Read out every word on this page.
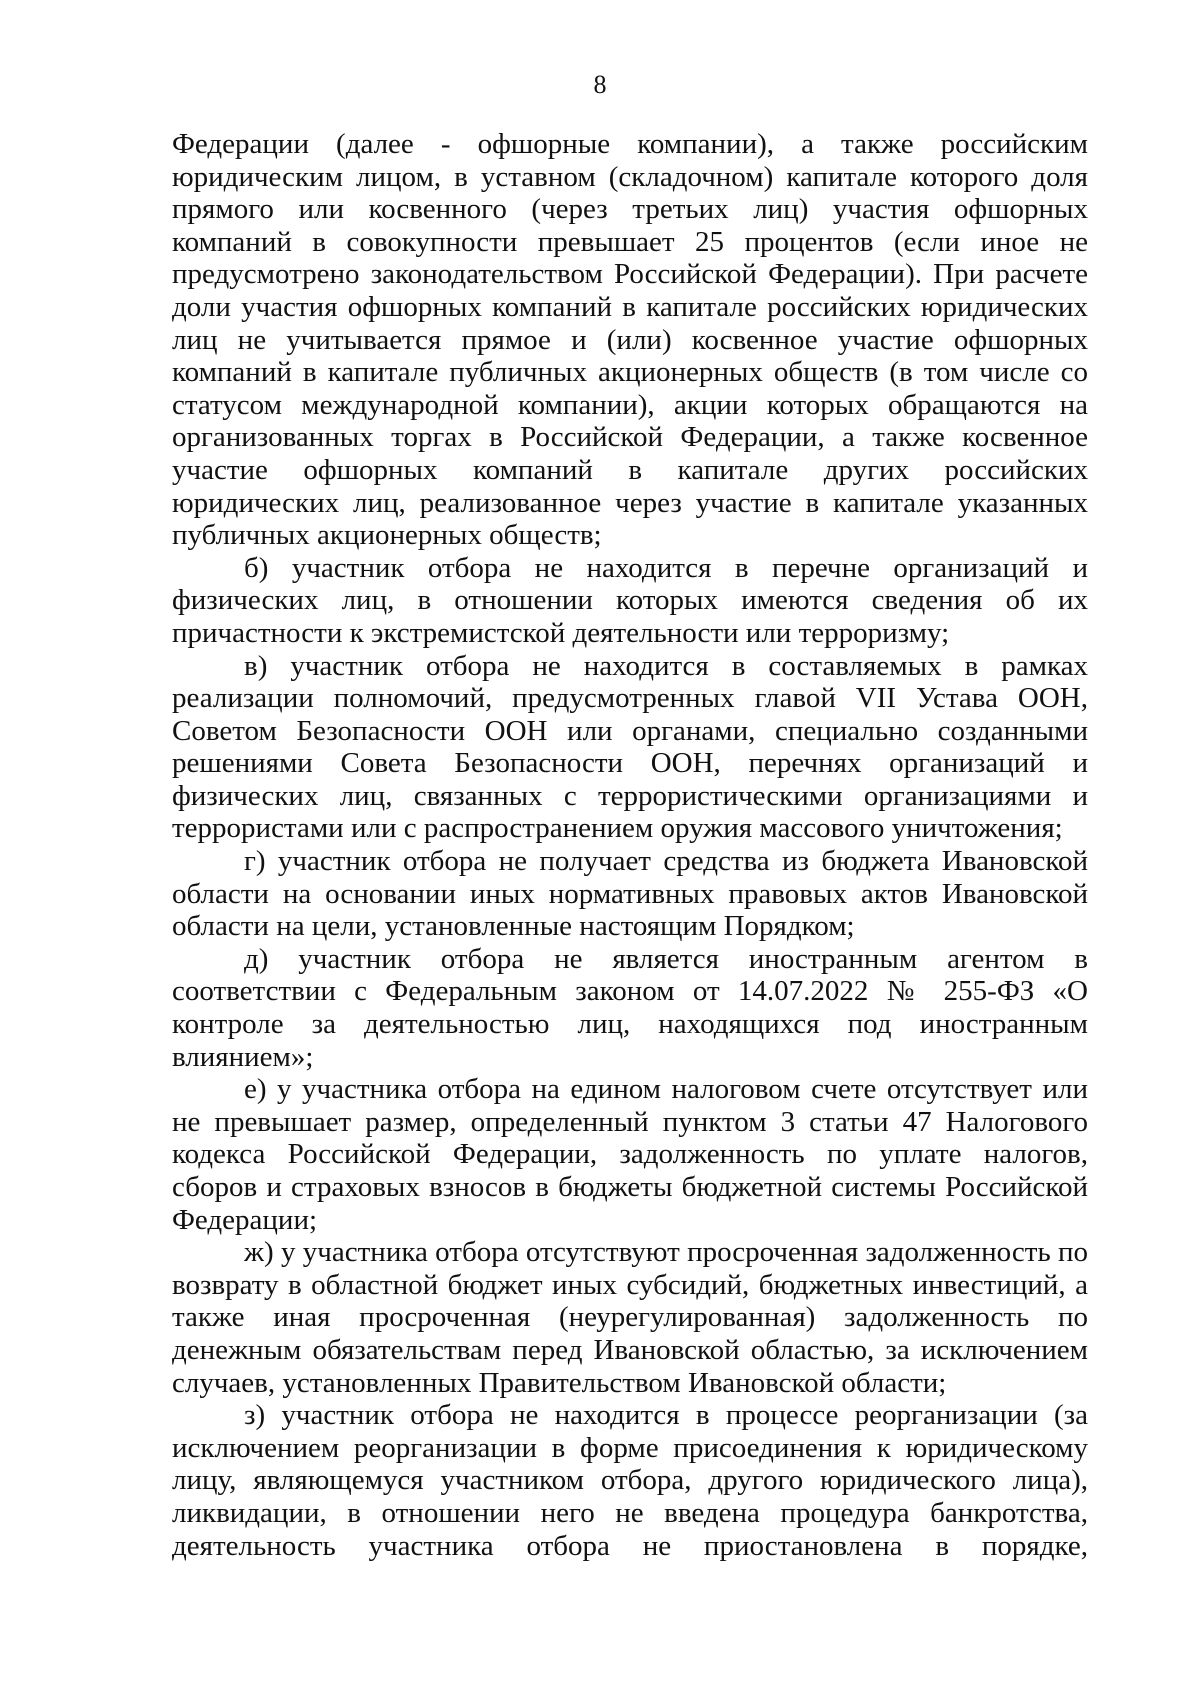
8

Федерации (далее - офшорные компании), а также российским юридическим лицом, в уставном (складочном) капитале которого доля прямого или косвенного (через третьих лиц) участия офшорных компаний в совокупности превышает 25 процентов (если иное не предусмотрено законодательством Российской Федерации). При расчете доли участия офшорных компаний в капитале российских юридических лиц не учитывается прямое и (или) косвенное участие офшорных компаний в капитале публичных акционерных обществ (в том числе со статусом международной компании), акции которых обращаются на организованных торгах в Российской Федерации, а также косвенное участие офшорных компаний в капитале других российских юридических лиц, реализованное через участие в капитале указанных публичных акционерных обществ;

б) участник отбора не находится в перечне организаций и физических лиц, в отношении которых имеются сведения об их причастности к экстремистской деятельности или терроризму;

в) участник отбора не находится в составляемых в рамках реализации полномочий, предусмотренных главой VII Устава ООН, Советом Безопасности ООН или органами, специально созданными решениями Совета Безопасности ООН, перечнях организаций и физических лиц, связанных с террористическими организациями и террористами или с распространением оружия массового уничтожения;

г) участник отбора не получает средства из бюджета Ивановской области на основании иных нормативных правовых актов Ивановской области на цели, установленные настоящим Порядком;

д) участник отбора не является иностранным агентом в соответствии с Федеральным законом от 14.07.2022 № 255-ФЗ «О контроле за деятельностью лиц, находящихся под иностранным влиянием»;

е) у участника отбора на едином налоговом счете отсутствует или не превышает размер, определенный пунктом 3 статьи 47 Налогового кодекса Российской Федерации, задолженность по уплате налогов, сборов и страховых взносов в бюджеты бюджетной системы Российской Федерации;

ж) у участника отбора отсутствуют просроченная задолженность по возврату в областной бюджет иных субсидий, бюджетных инвестиций, а также иная просроченная (неурегулированная) задолженность по денежным обязательствам перед Ивановской областью, за исключением случаев, установленных Правительством Ивановской области;

з) участник отбора не находится в процессе реорганизации (за исключением реорганизации в форме присоединения к юридическому лицу, являющемуся участником отбора, другого юридического лица), ликвидации, в отношении него не введена процедура банкротства, деятельность участника отбора не приостановлена в порядке,
